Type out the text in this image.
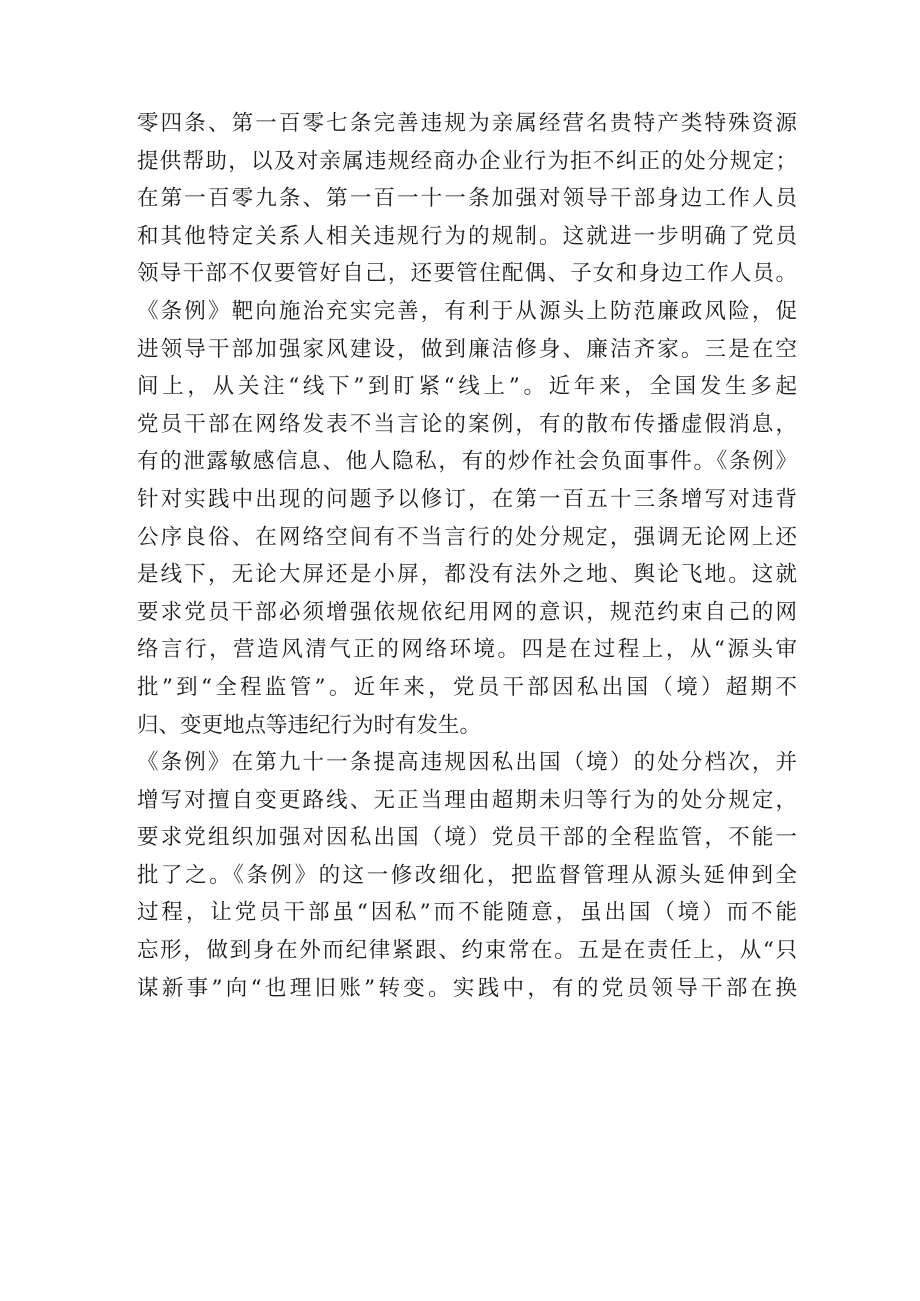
零四条、第一百零七条完善违规为亲属经营名贵特产类特殊资源
提供帮助，以及对亲属违规经商办企业行为拒不纠正的处分规定；
在第一百零九条、第一百一十一条加强对领导干部身边工作人员
和其他特定关系人相关违规行为的规制。这就进一步明确了党员
领导干部不仅要管好自己，还要管住配偶、子女和身边工作人员。
《条例》靶向施治充实完善，有利于从源头上防范廉政风险，促
进领导干部加强家风建设，做到廉洁修身、廉洁齐家。三是在空
间上，从关注“线下”到盯紧“线上”。近年来，全国发生多起
党员干部在网络发表不当言论的案例，有的散布传播虚假消息，
有的泄露敏感信息、他人隐私，有的炒作社会负面事件。《条例》
针对实践中出现的问题予以修订，在第一百五十三条增写对违背
公序良俗、在网络空间有不当言行的处分规定，强调无论网上还
是线下，无论大屏还是小屏，都没有法外之地、舆论飞地。这就
要求党员干部必须增强依规依纪用网的意识，规范约束自己的网
络言行，营造风清气正的网络环境。四是在过程上，从“源头审
批”到“全程监管”。近年来，党员干部因私出国（境）超期不
归、变更地点等违纪行为时有发生。
《条例》在第九十一条提高违规因私出国（境）的处分档次，并
增写对擅自变更路线、无正当理由超期未归等行为的处分规定，
要求党组织加强对因私出国（境）党员干部的全程监管，不能一
批了之。《条例》的这一修改细化，把监督管理从源头延伸到全
过程，让党员干部虽“因私”而不能随意，虽出国（境）而不能
忘形，做到身在外而纪律紧跟、约束常在。五是在责任上，从“只
谋新事”向“也理旧账”转变。实践中，有的党员领导干部在换
